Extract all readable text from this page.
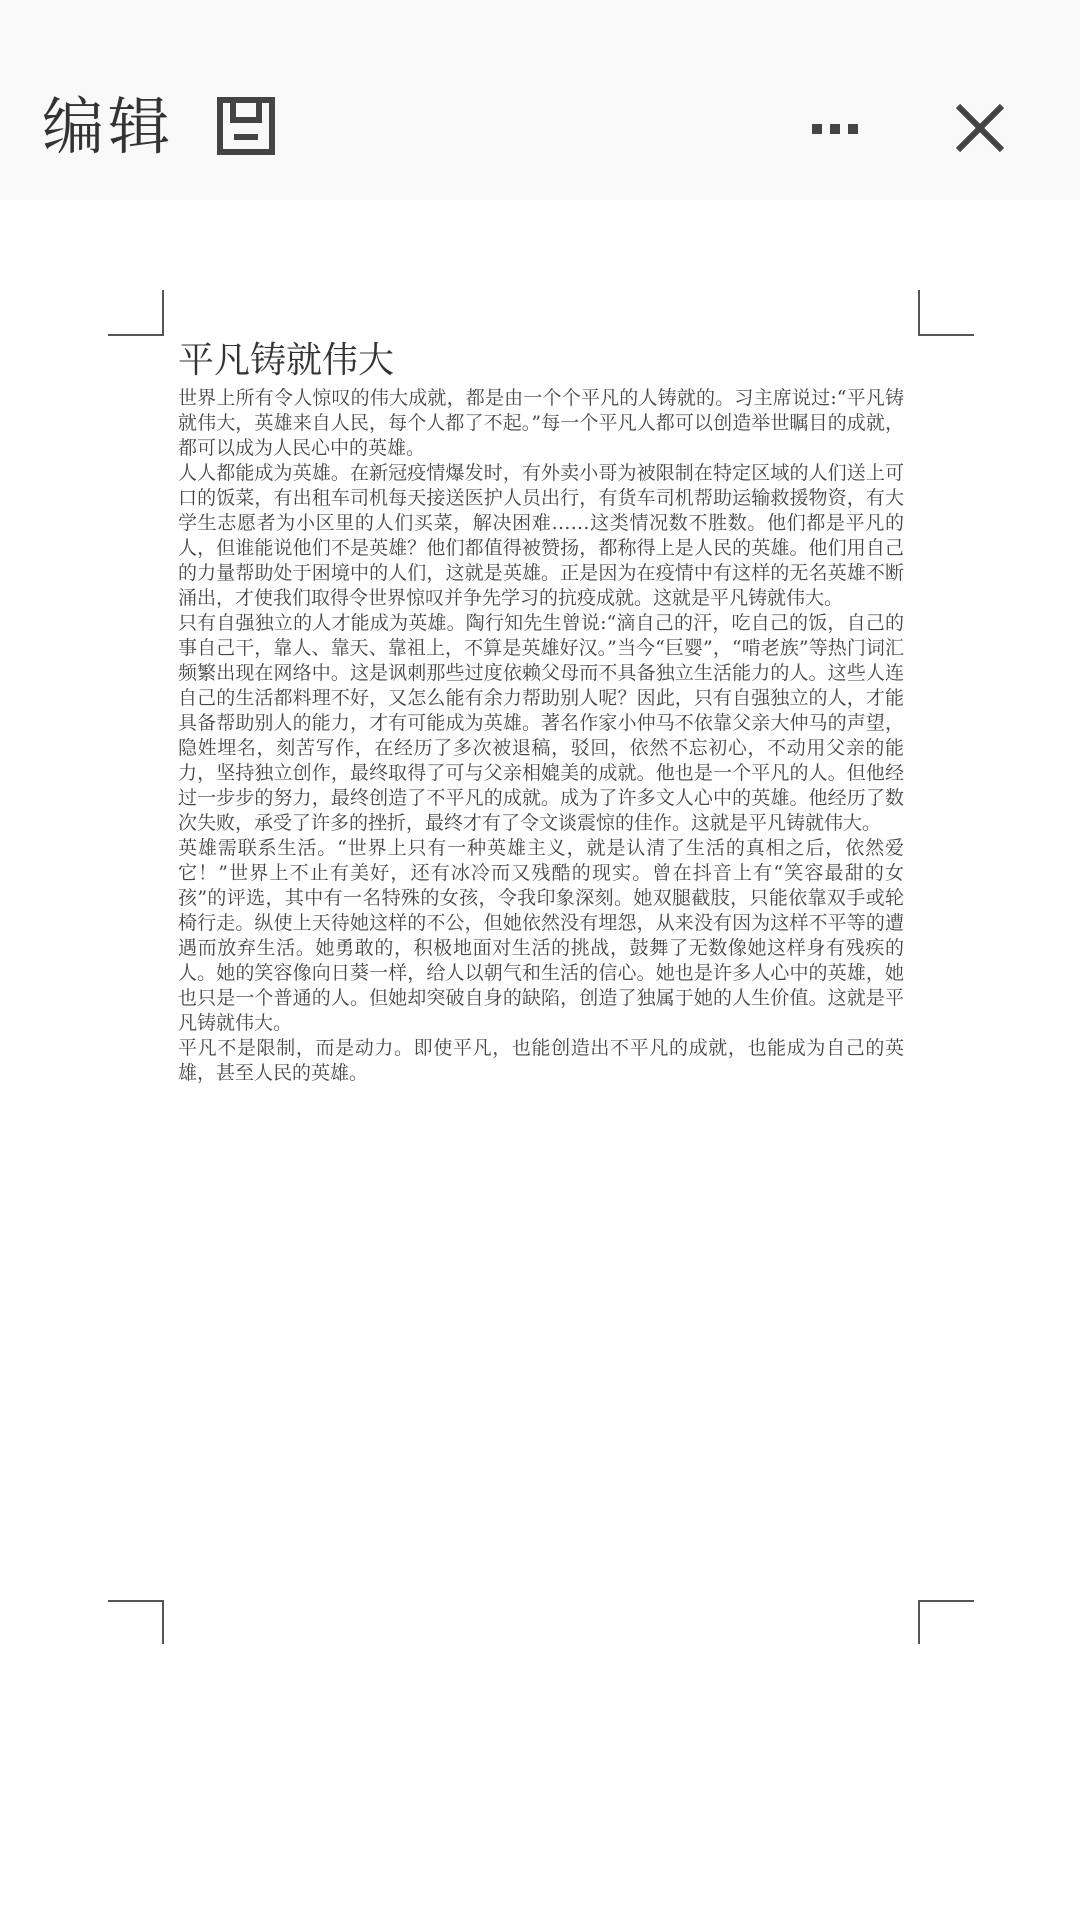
编辑
平凡铸就伟大

世界上所有令人惊叹的伟大成就，都是由一个个平凡的人铸就的。习主席说过:“平凡铸就伟大，英雄来自人民，每个人都了不起。”每一个平凡人都可以创造举世瞩目的成就，都可以成为人民心中的英雄。

人人都能成为英雄。在新冠疫情爆发时，有外卖小哥为被限制在特定区域的人们送上可口的饭菜，有出租车司机每天接送医护人员出行，有货车司机帮助运输救援物资，有大学生志愿者为小区里的人们买菜，解决困难……这类情况数不胜数。他们都是平凡的人，但谁能说他们不是英雄？他们都值得被赞扬，都称得上是人民的英雄。他们用自己的力量帮助处于困境中的人们，这就是英雄。正是因为在疫情中有这样的无名英雄不断涌出，才使我们取得令世界惊叹并争先学习的抗疫成就。这就是平凡铸就伟大。

只有自强独立的人才能成为英雄。陶行知先生曾说:“滴自己的汗，吃自己的饭，自己的事自己干，靠人、靠天、靠祖上，不算是英雄好汉。”当今“巨婴”，“啃老族”等热门词汇频繁出现在网络中。这是讽刺那些过度依赖父母而不具备独立生活能力的人。这些人连自己的生活都料理不好，又怎么能有余力帮助别人呢？因此，只有自强独立的人，才能具备帮助别人的能力，才有可能成为英雄。著名作家小仲马不依靠父亲大仲马的声望，隐姓埋名，刻苦写作，在经历了多次被退稿，驳回，依然不忘初心，不动用父亲的能力，坚持独立创作，最终取得了可与父亲相媲美的成就。他也是一个平凡的人。但他经过一步步的努力，最终创造了不平凡的成就。成为了许多文人心中的英雄。他经历了数次失败，承受了许多的挫折，最终才有了令文谈震惊的佳作。这就是平凡铸就伟大。

英雄需联系生活。“世界上只有一种英雄主义，就是认清了生活的真相之后，依然爱它！”世界上不止有美好，还有冰冷而又残酷的现实。曾在抖音上有“笑容最甜的女孩”的评选，其中有一名特殊的女孩，令我印象深刻。她双腿截肢，只能依靠双手或轮椅行走。纵使上天待她这样的不公，但她依然没有埋怨，从来没有因为这样不平等的遭遇而放弃生活。她勇敢的，积极地面对生活的挑战，鼓舞了无数像她这样身有残疾的人。她的笑容像向日葵一样，给人以朝气和生活的信心。她也是许多人心中的英雄，她也只是一个普通的人。但她却突破自身的缺陷，创造了独属于她的人生价值。这就是平凡铸就伟大。

平凡不是限制，而是动力。即使平凡，也能创造出不平凡的成就，也能成为自己的英雄，甚至人民的英雄。
